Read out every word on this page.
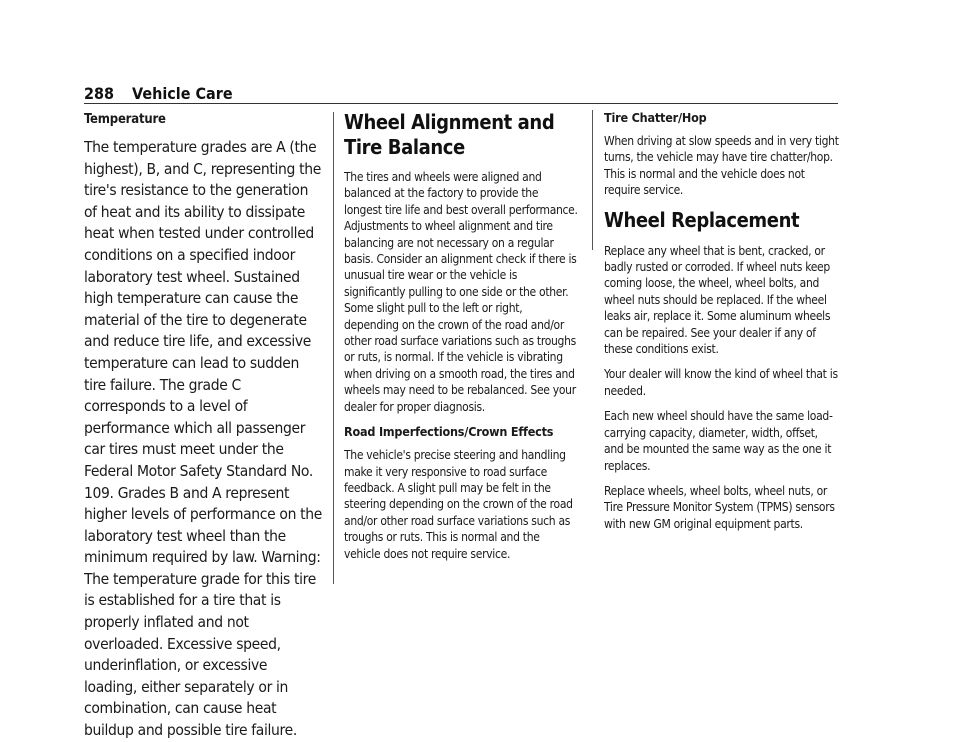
288 Vehicle Care

Temperature

The temperature grades are A (the highest), B, and C, representing the tire's resistance to the generation of heat and its ability to dissipate heat when tested under controlled conditions on a specified indoor laboratory test wheel. Sustained high temperature can cause the material of the tire to degenerate and reduce tire life, and excessive temperature can lead to sudden tire failure. The grade C corresponds to a level of performance which all passenger car tires must meet under the Federal Motor Safety Standard No. 109. Grades B and A represent higher levels of performance on the laboratory test wheel than the minimum required by law. Warning: The temperature grade for this tire is established for a tire that is properly inflated and not overloaded. Excessive speed, underinflation, or excessive loading, either separately or in combination, can cause heat buildup and possible tire failure.

Wheel Alignment and Tire Balance

The tires and wheels were aligned and balanced at the factory to provide the longest tire life and best overall performance. Adjustments to wheel alignment and tire balancing are not necessary on a regular basis. Consider an alignment check if there is unusual tire wear or the vehicle is significantly pulling to one side or the other. Some slight pull to the left or right, depending on the crown of the road and/or other road surface variations such as troughs or ruts, is normal. If the vehicle is vibrating when driving on a smooth road, the tires and wheels may need to be rebalanced. See your dealer for proper diagnosis.

Road Imperfections/Crown Effects

The vehicle's precise steering and handling make it very responsive to road surface feedback. A slight pull may be felt in the steering depending on the crown of the road and/or other road surface variations such as troughs or ruts. This is normal and the vehicle does not require service.

Tire Chatter/Hop

When driving at slow speeds and in very tight turns, the vehicle may have tire chatter/hop. This is normal and the vehicle does not require service.

Wheel Replacement

Replace any wheel that is bent, cracked, or badly rusted or corroded. If wheel nuts keep coming loose, the wheel, wheel bolts, and wheel nuts should be replaced. If the wheel leaks air, replace it. Some aluminum wheels can be repaired. See your dealer if any of these conditions exist.

Your dealer will know the kind of wheel that is needed.

Each new wheel should have the same load-carrying capacity, diameter, width, offset, and be mounted the same way as the one it replaces.

Replace wheels, wheel bolts, wheel nuts, or Tire Pressure Monitor System (TPMS) sensors with new GM original equipment parts.
